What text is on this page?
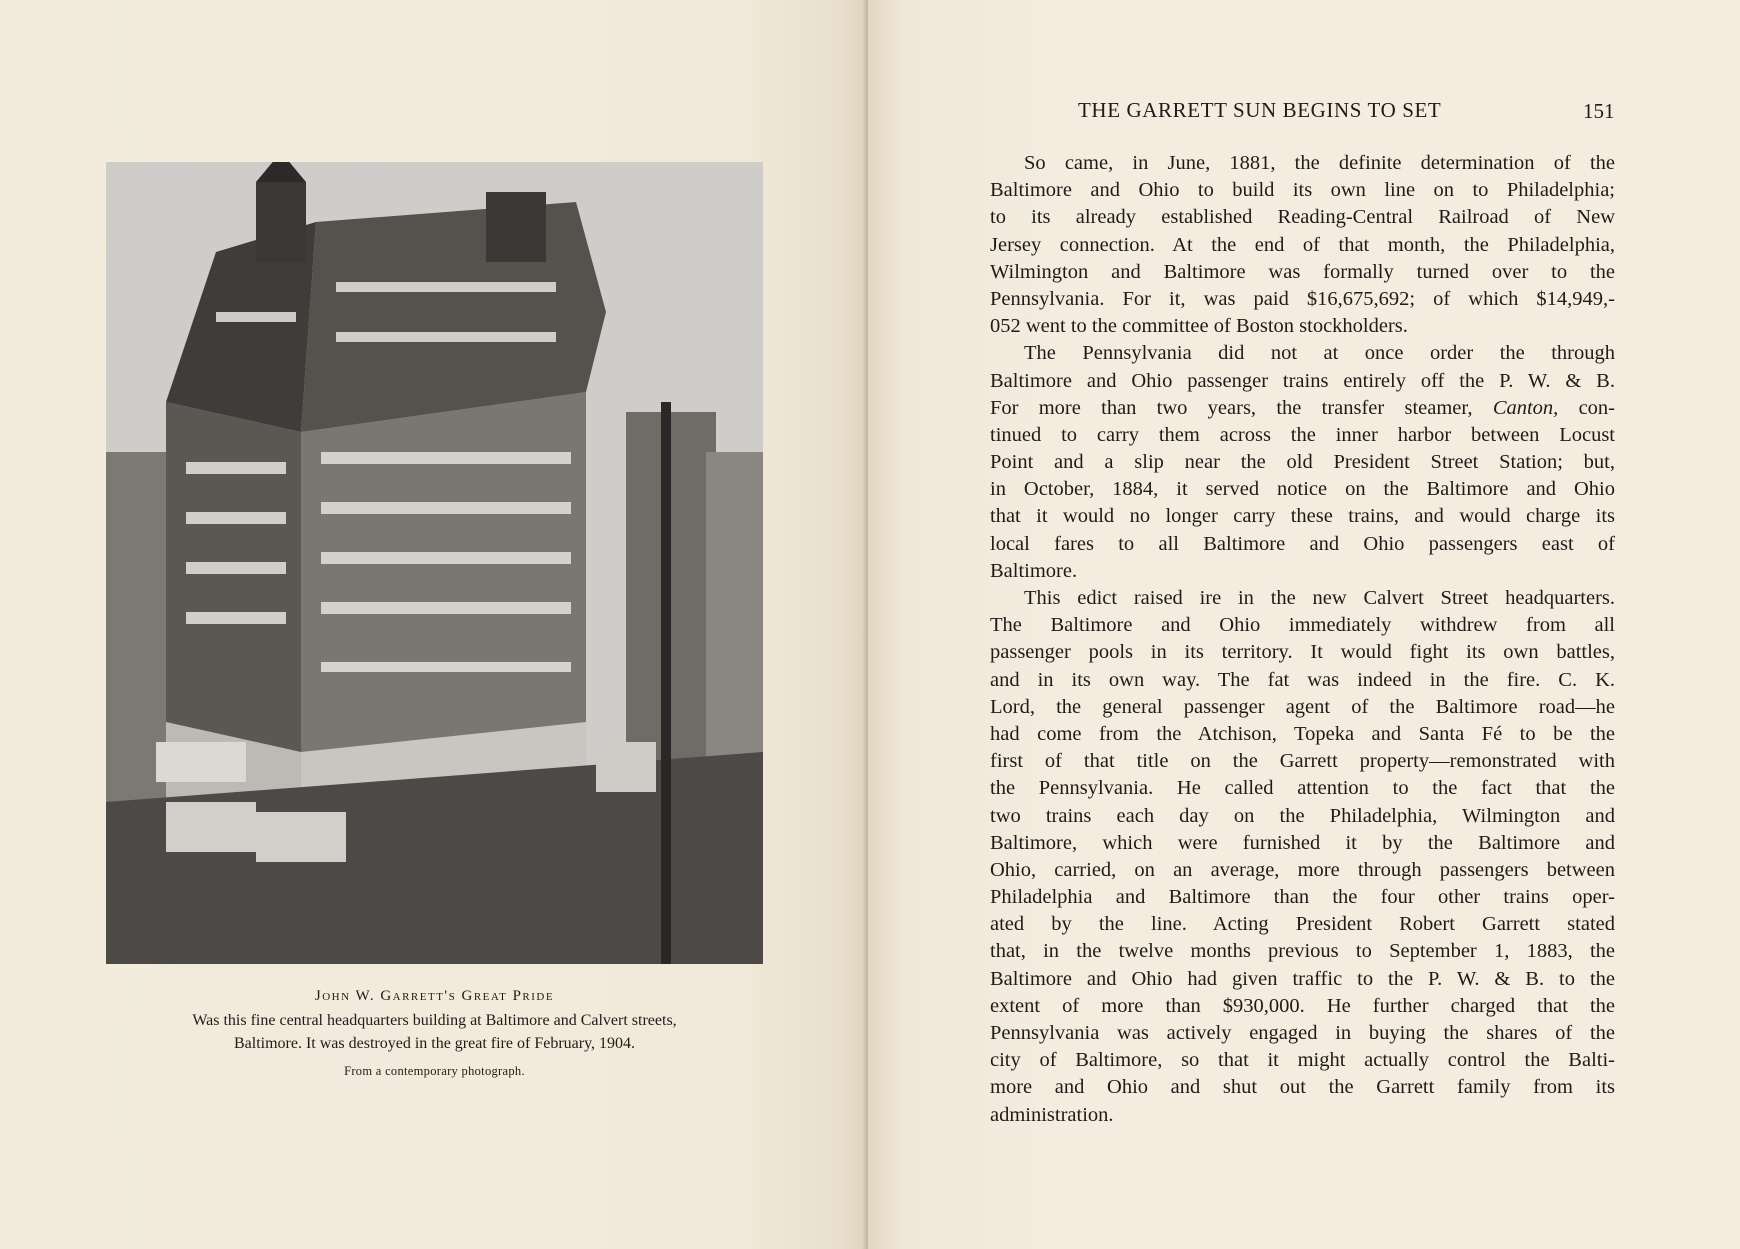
John W. Garrett's Great Pride
Was this fine central headquarters building at Baltimore and Calvert streets,
Baltimore. It was destroyed in the great fire of February, 1904.
From a contemporary photograph.
THE GARRETT SUN BEGINS TO SET	151
So came, in June, 1881, the definite determination of the
Baltimore and Ohio to build its own line on to Philadelphia;
to its already established Reading-Central Railroad of New
Jersey connection. At the end of that month, the Philadelphia,
Wilmington and Baltimore was formally turned over to the
Pennsylvania. For it, was paid $16,675,692; of which $14,949,-
052 went to the committee of Boston stockholders.
The Pennsylvania did not at once order the through
Baltimore and Ohio passenger trains entirely off the P. W. & B.
For more than two years, the transfer steamer, Canton, con-
tinued to carry them across the inner harbor between Locust
Point and a slip near the old President Street Station; but,
in October, 1884, it served notice on the Baltimore and Ohio
that it would no longer carry these trains, and would charge its
local fares to all Baltimore and Ohio passengers east of
Baltimore.
This edict raised ire in the new Calvert Street headquarters.
The Baltimore and Ohio immediately withdrew from all
passenger pools in its territory. It would fight its own battles,
and in its own way. The fat was indeed in the fire. C. K.
Lord, the general passenger agent of the Baltimore road—he
had come from the Atchison, Topeka and Santa Fé to be the
first of that title on the Garrett property—remonstrated with
the Pennsylvania. He called attention to the fact that the
two trains each day on the Philadelphia, Wilmington and
Baltimore, which were furnished it by the Baltimore and
Ohio, carried, on an average, more through passengers between
Philadelphia and Baltimore than the four other trains oper-
ated by the line. Acting President Robert Garrett stated
that, in the twelve months previous to September 1, 1883, the
Baltimore and Ohio had given traffic to the P. W. & B. to the
extent of more than $930,000. He further charged that the
Pennsylvania was actively engaged in buying the shares of the
city of Baltimore, so that it might actually control the Balti-
more and Ohio and shut out the Garrett family from its
administration.
